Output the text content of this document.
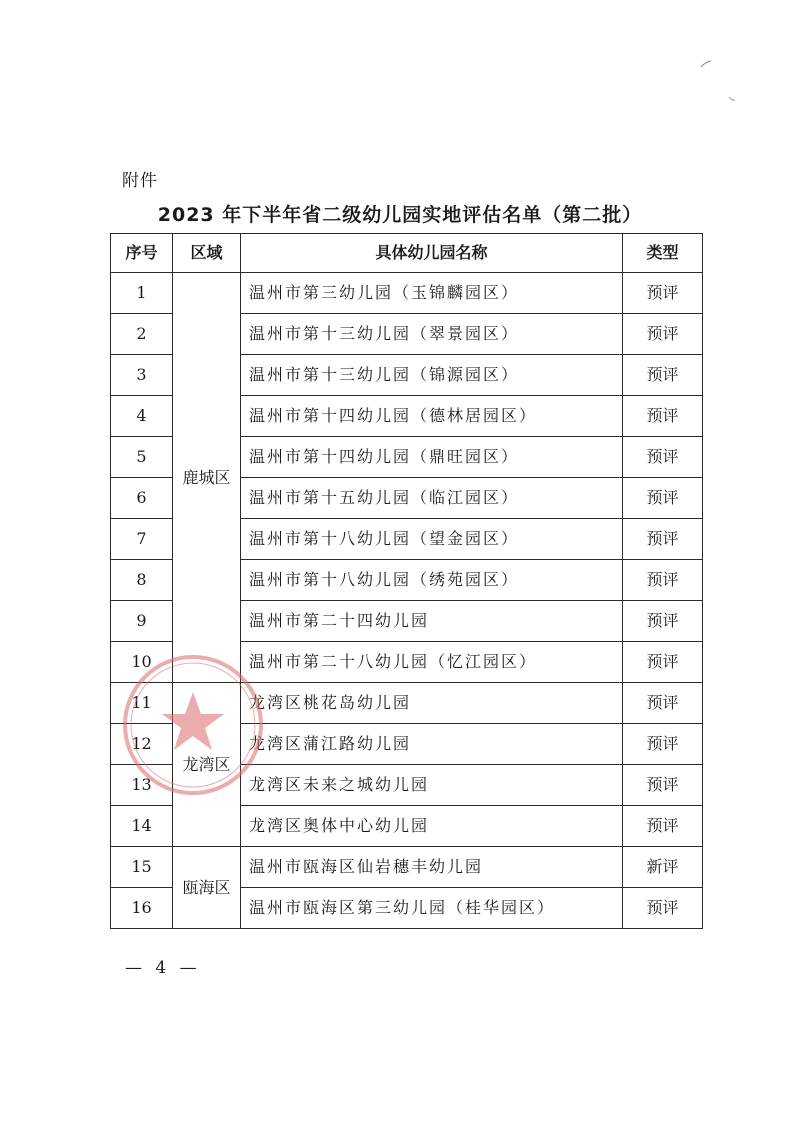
附件
2023 年下半年省二级幼儿园实地评估名单（第二批）
序号	区域	具体幼儿园名称	类型
1	鹿城区	温州市第三幼儿园（玉锦麟园区）	预评
2		温州市第十三幼儿园（翠景园区）	预评
3		温州市第十三幼儿园（锦源园区）	预评
4		温州市第十四幼儿园（德林居园区）	预评
5		温州市第十四幼儿园（鼎旺园区）	预评
6		温州市第十五幼儿园（临江园区）	预评
7		温州市第十八幼儿园（望金园区）	预评
8		温州市第十八幼儿园（绣苑园区）	预评
9		温州市第二十四幼儿园	预评
10		温州市第二十八幼儿园（忆江园区）	预评
11	龙湾区	龙湾区桃花岛幼儿园	预评
12		龙湾区蒲江路幼儿园	预评
13		龙湾区未来之城幼儿园	预评
14		龙湾区奥体中心幼儿园	预评
15	瓯海区	温州市瓯海区仙岩穗丰幼儿园	新评
16		温州市瓯海区第三幼儿园（桂华园区）	预评
— 4 —
